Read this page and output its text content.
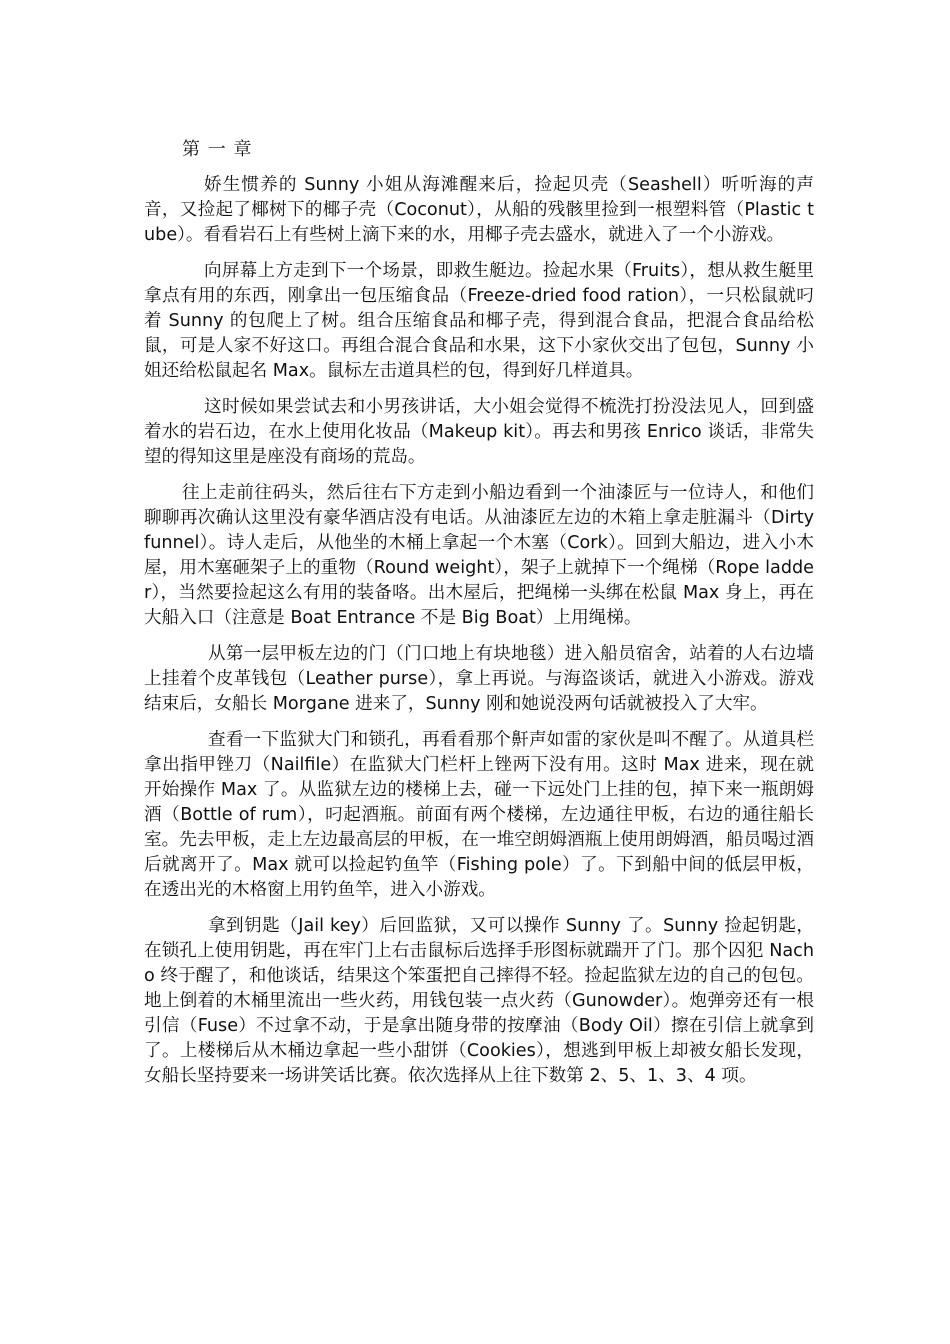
第 一 章

娇生惯养的 Sunny 小姐从海滩醒来后，捡起贝壳（Seashell）听听海的声音，又捡起了椰树下的椰子壳（Coconut），从船的残骸里捡到一根塑料管（Plastic tube）。看看岩石上有些树上滴下来的水，用椰子壳去盛水，就进入了一个小游戏。

向屏幕上方走到下一个场景，即救生艇边。捡起水果（Fruits），想从救生艇里拿点有用的东西，刚拿出一包压缩食品（Freeze-dried food ration），一只松鼠就叼着 Sunny 的包爬上了树。组合压缩食品和椰子壳，得到混合食品，把混合食品给松鼠，可是人家不好这口。再组合混合食品和水果，这下小家伙交出了包包，Sunny 小姐还给松鼠起名 Max。鼠标左击道具栏的包，得到好几样道具。

这时候如果尝试去和小男孩讲话，大小姐会觉得不梳洗打扮没法见人，回到盛着水的岩石边，在水上使用化妆品（Makeup kit）。再去和男孩 Enrico 谈话，非常失望的得知这里是座没有商场的荒岛。

往上走前往码头，然后往右下方走到小船边看到一个油漆匠与一位诗人，和他们聊聊再次确认这里没有豪华酒店没有电话。从油漆匠左边的木箱上拿走脏漏斗（Dirty funnel）。诗人走后，从他坐的木桶上拿起一个木塞（Cork）。回到大船边，进入小木屋，用木塞砸架子上的重物（Round weight），架子上就掉下一个绳梯（Rope ladder），当然要捡起这么有用的装备咯。出木屋后，把绳梯一头绑在松鼠 Max 身上，再在大船入口（注意是 Boat Entrance 不是 Big Boat）上用绳梯。

从第一层甲板左边的门（门口地上有块地毯）进入船员宿舍，站着的人右边墙上挂着个皮革钱包（Leather purse），拿上再说。与海盗谈话，就进入小游戏。游戏结束后，女船长 Morgane 进来了，Sunny 刚和她说没两句话就被投入了大牢。

查看一下监狱大门和锁孔，再看看那个鼾声如雷的家伙是叫不醒了。从道具栏拿出指甲锉刀（Nailfile）在监狱大门栏杆上锉两下没有用。这时 Max 进来，现在就开始操作 Max 了。从监狱左边的楼梯上去，碰一下远处门上挂的包，掉下来一瓶朗姆酒（Bottle of rum），叼起酒瓶。前面有两个楼梯，左边通往甲板，右边的通往船长室。先去甲板，走上左边最高层的甲板，在一堆空朗姆酒瓶上使用朗姆酒，船员喝过酒后就离开了。Max 就可以捡起钓鱼竿（Fishing pole）了。下到船中间的低层甲板，在透出光的木格窗上用钓鱼竿，进入小游戏。

拿到钥匙（Jail key）后回监狱，又可以操作 Sunny 了。Sunny 捡起钥匙，在锁孔上使用钥匙，再在牢门上右击鼠标后选择手形图标就踹开了门。那个囚犯 Nacho 终于醒了，和他谈话，结果这个笨蛋把自己摔得不轻。捡起监狱左边的自己的包包。地上倒着的木桶里流出一些火药，用钱包装一点火药（Gunowder）。炮弹旁还有一根引信（Fuse）不过拿不动，于是拿出随身带的按摩油（Body Oil）擦在引信上就拿到了。上楼梯后从木桶边拿起一些小甜饼（Cookies），想逃到甲板上却被女船长发现，女船长坚持要来一场讲笑话比赛。依次选择从上往下数第 2、5、1、3、4 项。
